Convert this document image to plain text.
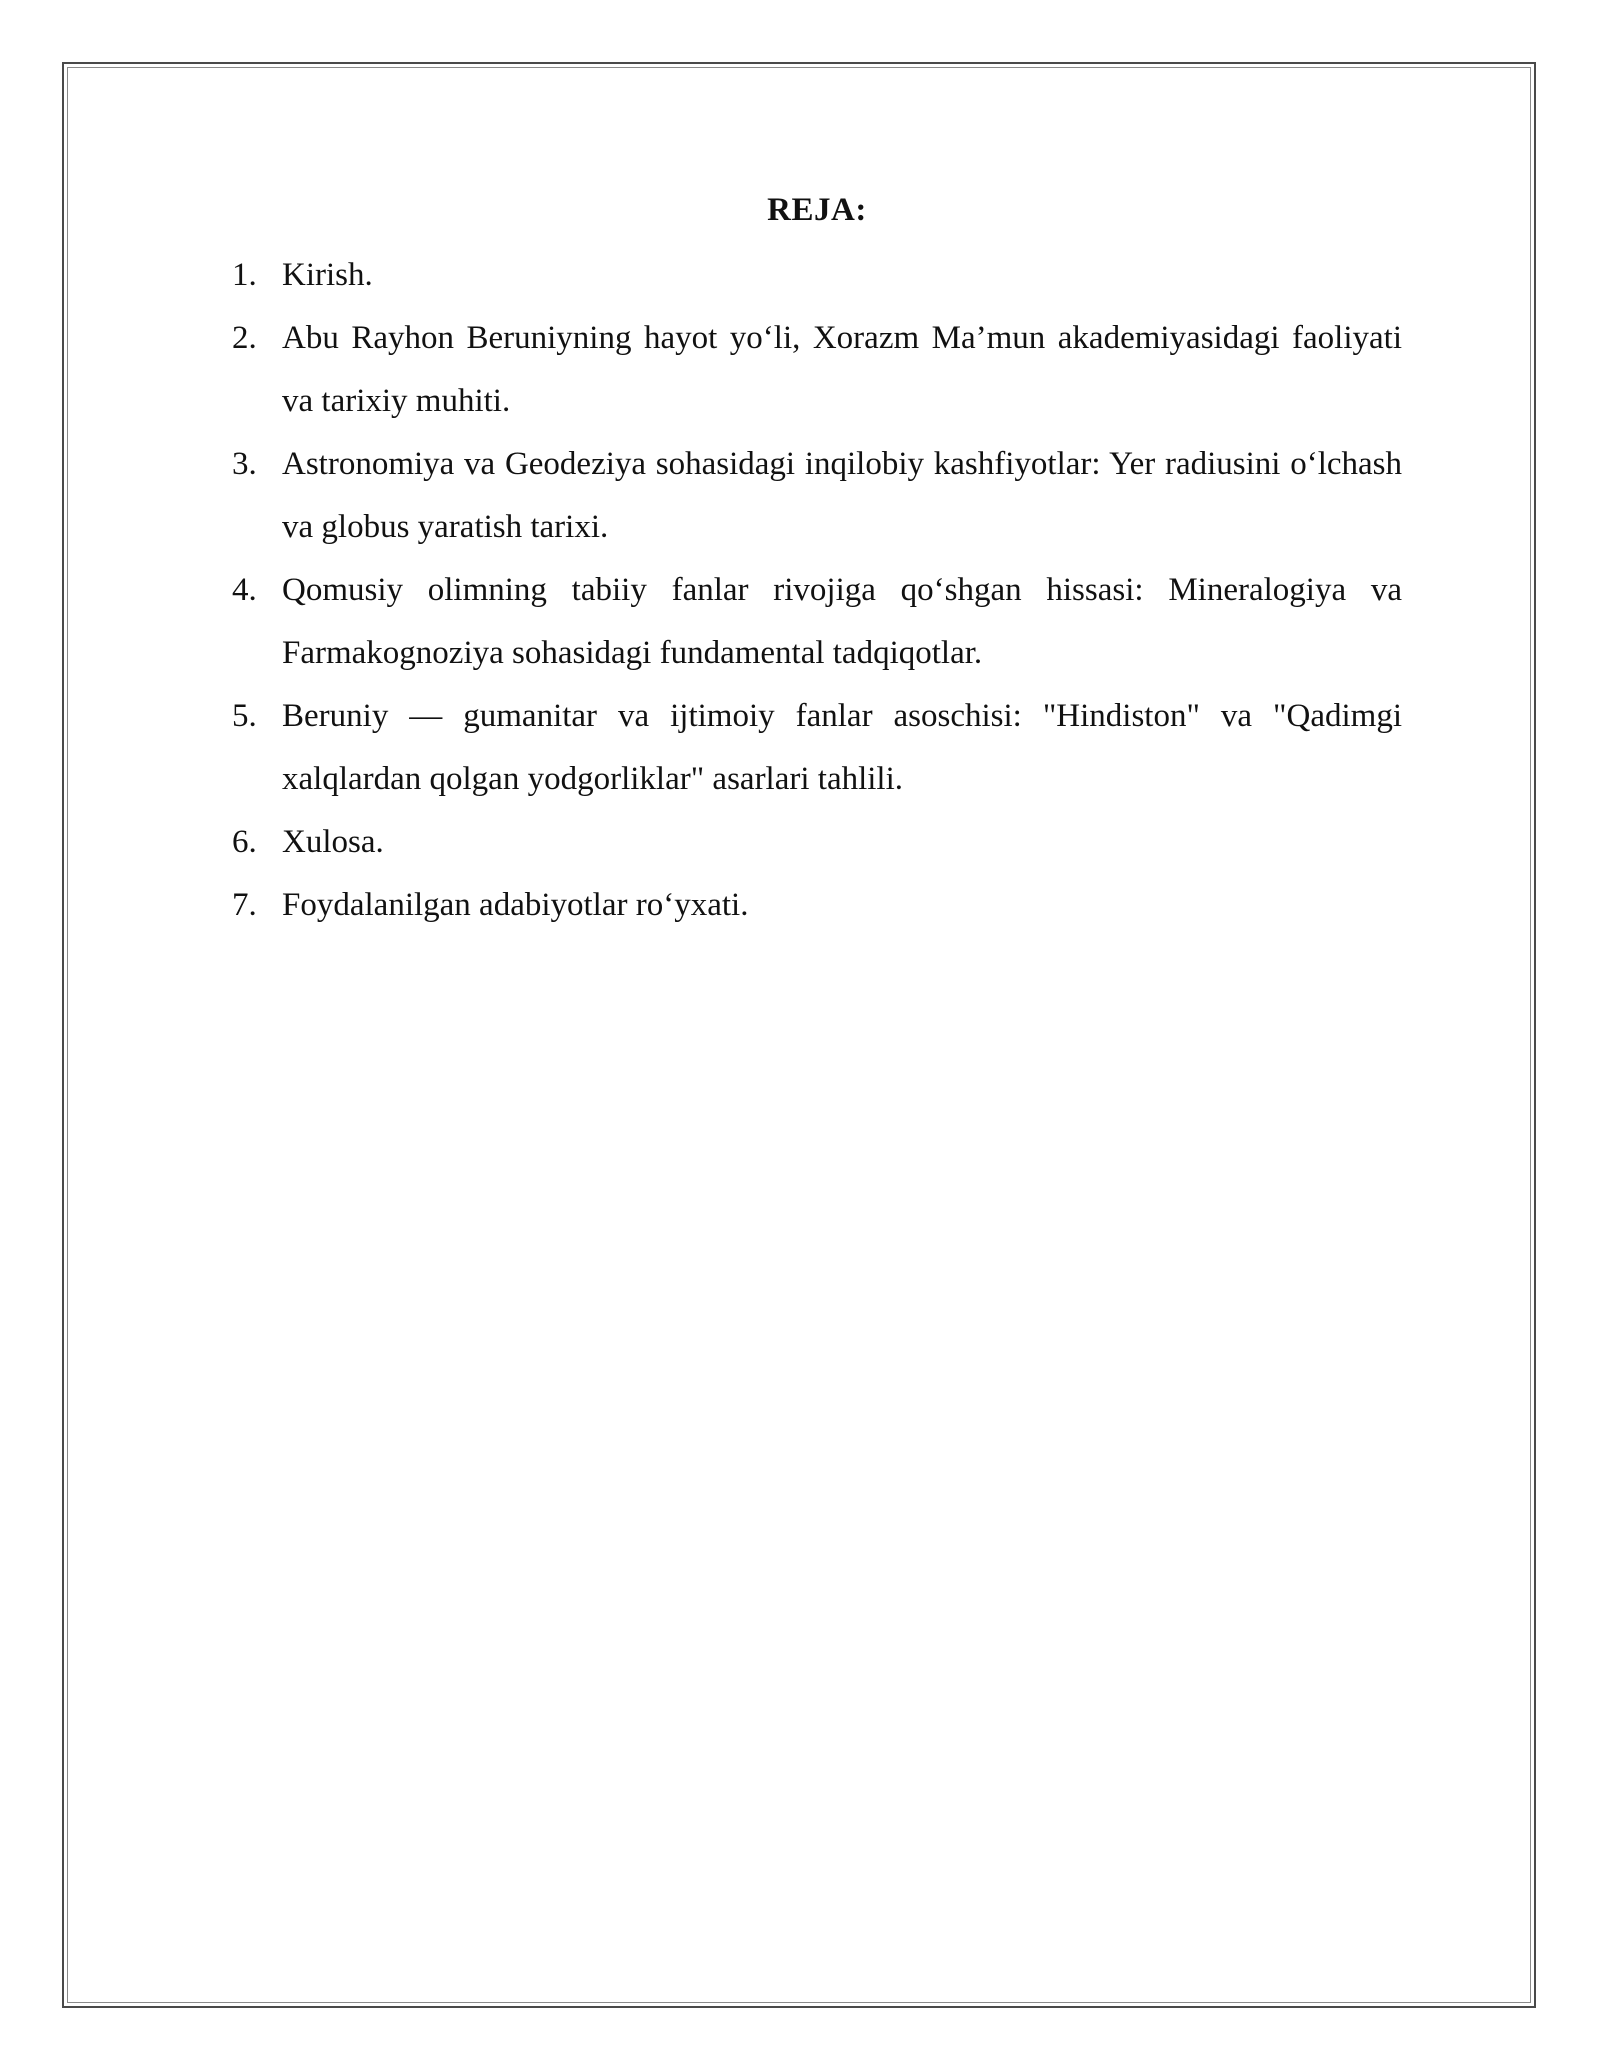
REJA:
1. Kirish.
2. Abu Rayhon Beruniyning hayot yo‘li, Xorazm Ma’mun akademiyasidagi faoliyati va tarixiy muhiti.
3. Astronomiya va Geodeziya sohasidagi inqilobiy kashfiyotlar: Yer radiusini o‘lchash va globus yaratish tarixi.
4. Qomusiy olimning tabiiy fanlar rivojiga qo‘shgan hissasi: Mineralogiya va Farmakognoziya sohasidagi fundamental tadqiqotlar.
5. Beruniy — gumanitar va ijtimoiy fanlar asoschisi: "Hindiston" va "Qadimgi xalqlardan qolgan yodgorliklar" asarlari tahlili.
6. Xulosa.
7. Foydalanilgan adabiyotlar ro‘yxati.
